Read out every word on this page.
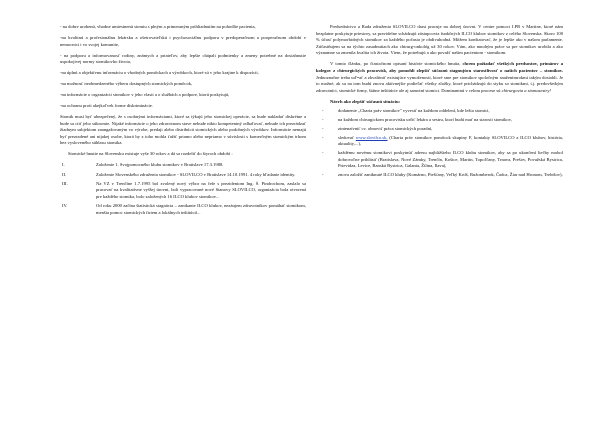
- na dobre urobenú, vhodne umiestnenú stomiu s plným a primeraným prihliadnutím na pohodlie pacienta,

-na kvalitnú a profesionálnu lekársku a ošetrovateľskú i psychosociálnu podporu v predoperačnom a pooperačnom období v nemocnici i vo svojej komunite,

- na podporu a informovanosť rodiny, známych a priateľov, aby lepšie chápali podmienky a zmeny potrebné na dosiahnutie uspokojivej normy stomikovho života,

-na úplnú a objektívnu informáciu o vhodných pomôckach a výrobkoch, ktoré sú v jeho krajine k dispozícii,

-na možnosť neobmedzeného výberu dostupných stomických pomôcok,

-na informácie o organizácii stomikov v jeho vlasti a o službách a podpore, ktorú poskytujú,

-na ochranu proti akejkoľvek forme diskriminácie.

Stomik musí byť ubezpečený, že s osobnými informáciami, ktoré sa týkajú jeho stomickej operácie, sa bude nakladať diskrétne a bude sa ctiť jeho súkromie. Nijaké informácie o jeho zdravotnom stave nebude nikto kompetentný odhaľovať, nebude ich prezrádzať žiadnym subjektom zaangažovaným vo výrobe, predaji alebo distribúcii stomických alebo podobných výrobkov. Informácie nemajú byť prezradené ani nijakej osobe, ktorá by z toho mohla ťažiť priamo alebo nepriamo v súvislosti s komerčným stomickým trhom bez vysloveného súhlasu stomika.

Stomické hnutie na Slovensku existuje vyše 30 rokov a dá sa rozdeliť do štyroch období :

I.	Založenie 1. Svojpomocného klubu stomikov v Bratislave 17.3.1988.
II.	Založenie Slovenského združenia stomikov - SLOVILCO v Bratislave 14.10.1991. 4 roky bl'adanie identity.
III.	Na VZ v Trenčíne 1.7.1995 bol zvolený nový výbor na čele s prezidentom Ing. Š. Pindrochom, zaslalo sa pracovať na kvalitatívne vyššej úrovni, boli vypracované nové Stanovy SLOVILCO, organizácia bola otvorená pre každého stomika, bolo založených 16 ILCO klubov stomikov...
IV.	Od roku 2000 začína štatistická stagnácia – zanikanie ILCO klubov, nezáujem zdravotníkov pomáhať stomikom, menšia pomoc stomických firiem a lokálnych inštitúcií...

Predsedníctvo a Rada združenia SLOVILCO drasi pracuje na dobrej úrovni. V centre pomoci I.PR v Martine, ktoré nám bezplatne poskytuje priestory, sa pravidelne schádzajú zástupcovia funkčných ILCO klubov stomikov z celého Slovenska. Skoro 100 % účasť polymorbidných stomikov za každého počasia je obdivuhodná. Môžem konštatovať, že je lepšie ako v našom parlamente. Zúčastňujem sa na týchto zasadnutiach ako chirurg-onkológ už 30 rokov. Vám, ako mnohým práce sa pre stomikov urobila a ako významne sa zmenila kvalita ich života. Viem, že potrebujú a ako považť našim pacientom - stomikom.

V tomto článku, po čiastočnom opisaní histórie stomického hnutia, chcem požiadať všetkých predsostov, primárov a kolegov z chirurgických pracovísk, aby pomohli zlepšiť súčasnú stagnujúcu starostlivosť o našich pacientov – stomikov. Jednoznačne treba uď=ať a zkvalitniť existujúce vymoženosti, ktoré sme pre stomikov spoločným snaženímrokmi takým dosiahli. Je to možné, ak sa na tom budú znovu aktívnejšie podieľať všetky zložky, ktoré prichádzajú do styku so stomikmi, t.j. predovšetkým zdravotníci, stomické firmy, štátne inštitúcie ale aj samotní stomici. Dominantnú v celom procese sú chirurgovia a stomasestry!

Návrh ako zlepšiť súčasnú situáciu:

-	dodanenie „Charta práv stomikov" vyvesiť na každom oddelení, kde ležia stomici,
-	na každom chirurgickom pracovisku určiť lekára a sestru, ktorí budú mať na starosti stomikov,
-	zintenzívniť cv. obnoviť práca stomických poradní,
-	sledovať www.slovilco.sk, (Charta práv stomikov pomôcok skupiny F, kontakty SLOVILCO a ILCO klubov, história, aktuality,...),
-	každému novému stomikovi poskytnúť adresu najbližšieho ILCO klubu stomikov, aby sa po ukončení liečby mohol dobrovoľne prihlásiť (Bratislava, Nové Zámky, Trenčín, Košice, Martin, Topoľčany, Trnava, Prešov, Považská Bystrica, Prievidza, Levice, Banská Bystrica, Galanta, Žilina, Ilava),
-	znova založiť zaniknuté ILCO kluby (Komárno, Piešťany, Veľký Krtíš, Ružomberok, Čadca, Žiar nad Hronom, Trebišov),
